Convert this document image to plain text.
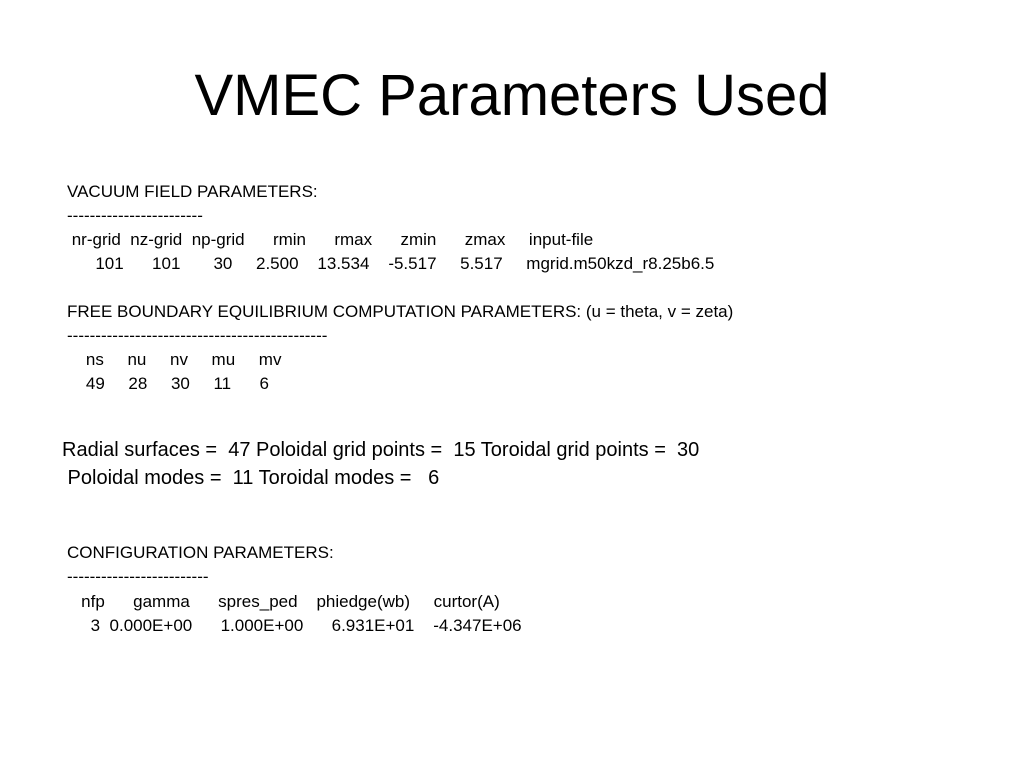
VMEC Parameters Used
VACUUM FIELD PARAMETERS:
------------------------
nr-grid  nz-grid  np-grid      rmin      rmax      zmin      zmax     input-file
101      101       30     2.500    13.534    -5.517     5.517     mgrid.m50kzd_r8.25b6.5
FREE BOUNDARY EQUILIBRIUM COMPUTATION PARAMETERS: (u = theta, v = zeta)
----------------------------------------------
ns     nu     nv     mu     mv
49     28     30     11      6
Radial surfaces =  47 Poloidal grid points =  15 Toroidal grid points =  30
Poloidal modes =  11 Toroidal modes =   6
CONFIGURATION PARAMETERS:
-------------------------
nfp      gamma      spres_ped    phiedge(wb)     curtor(A)
3  0.000E+00      1.000E+00      6.931E+01    -4.347E+06
